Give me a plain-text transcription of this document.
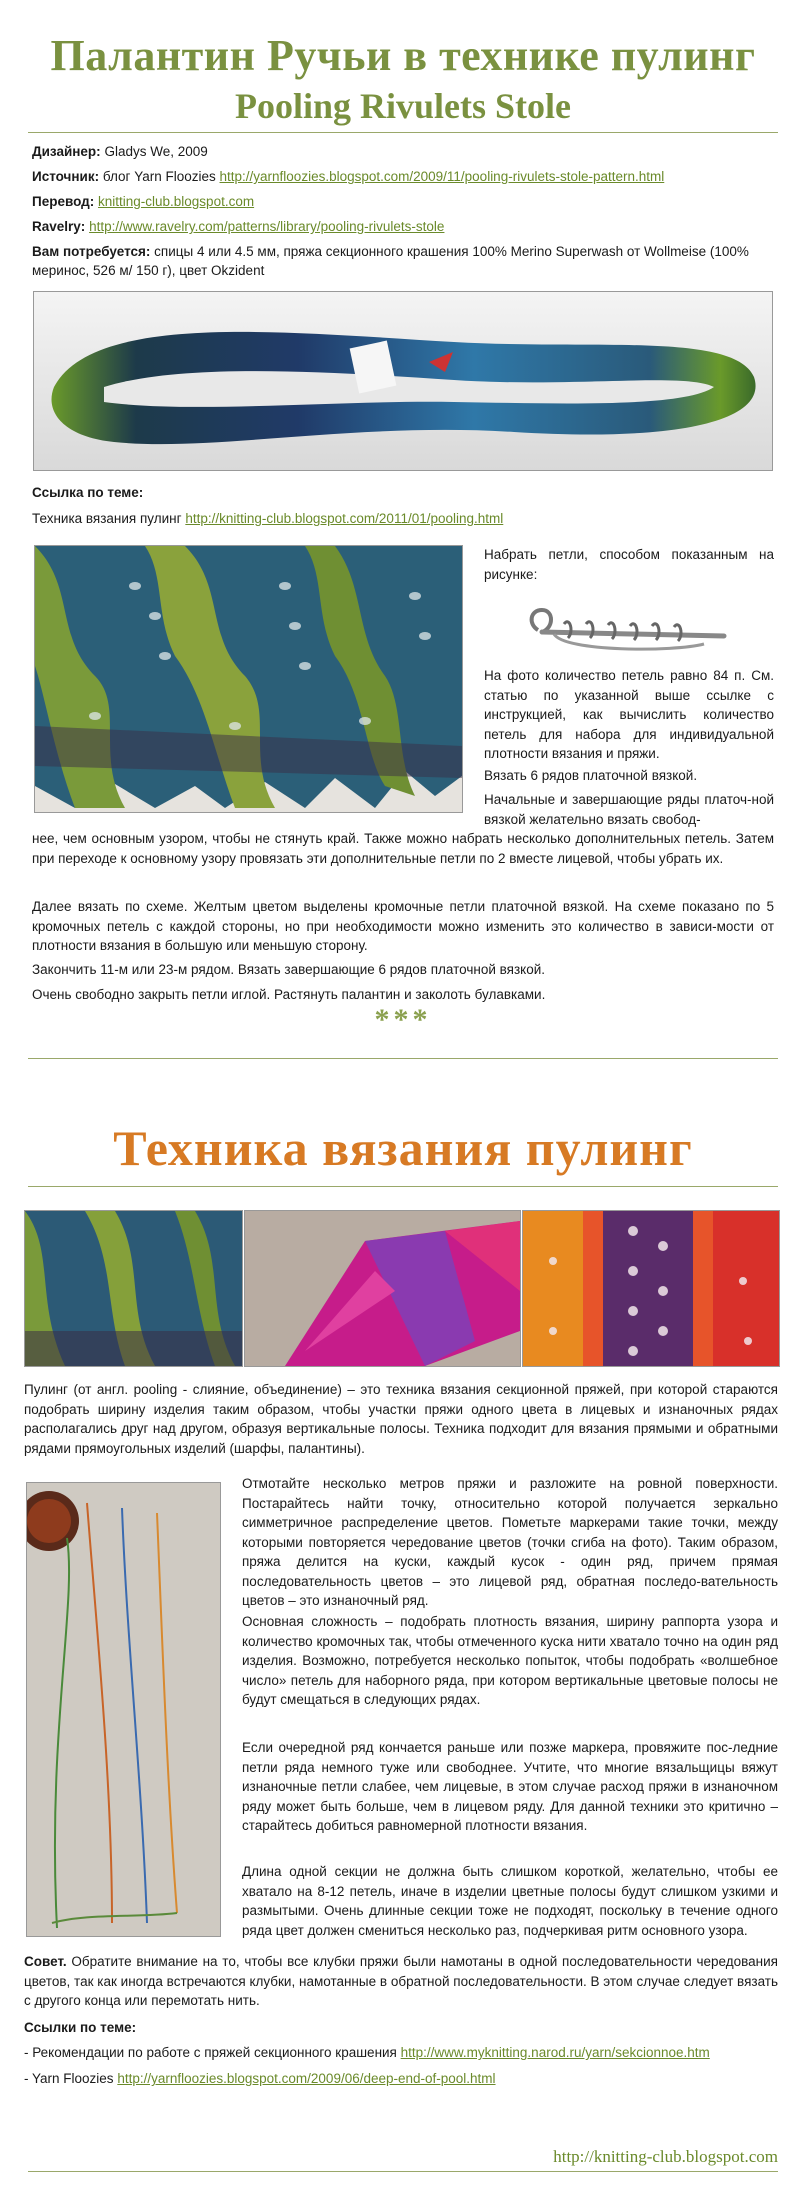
Палантин Ручьи в технике пулинг
Pooling Rivulets Stole
Дизайнер: Gladys We, 2009
Источник: блог Yarn Floozies http://yarnfloozies.blogspot.com/2009/11/pooling-rivulets-stole-pattern.html
Перевод: knitting-club.blogspot.com
Ravelry: http://www.ravelry.com/patterns/library/pooling-rivulets-stole
Вам потребуется: спицы 4 или 4.5 мм, пряжа секционного крашения 100% Merino Superwash от Wollmeise (100% меринос, 526 м/ 150 г), цвет Okzident
Ссылка по теме:
Техника вязания пулинг http://knitting-club.blogspot.com/2011/01/pooling.html
Набрать петли, способом показанным на рисунке:
На фото количество петель равно 84 п. См. статью по указанной выше ссылке с инструкцией, как вычислить количество петель для набора для индивидуальной плотности вязания и пряжи.
Вязать 6 рядов платочной вязкой.
Начальные и завершающие ряды платоч-ной вязкой желательно вязать свобод-
нее, чем основным узором, чтобы не стянуть край. Также можно набрать несколько дополнительных петель. Затем при переходе к основному узору провязать эти дополнительные петли по 2 вместе лицевой, чтобы убрать их.
Далее вязать по схеме. Желтым цветом выделены кромочные петли платочной вязкой. На схеме показано по 5 кромочных петель с каждой стороны, но при необходимости можно изменить это количество в зависи-мости от плотности вязания в большую или меньшую сторону.
Закончить 11-м или 23-м рядом. Вязать завершающие 6 рядов платочной вязкой.
Очень свободно закрыть петли иглой. Растянуть палантин и заколоть булавками.
***
Техника вязания пулинг
Пулинг (от англ. pooling - слияние, объединение) – это техника вязания секционной пряжей, при которой стараются подобрать ширину изделия таким образом, чтобы участки пряжи одного цвета в лицевых и изнаночных рядах располагались друг над другом, образуя вертикальные полосы. Техника подходит для вязания прямыми и обратными рядами прямоугольных изделий (шарфы, палантины).
Отмотайте несколько метров пряжи и разложите на ровной поверхности. Постарайтесь найти точку, относительно которой получается зеркально симметричное распределение цветов. Пометьте маркерами такие точки, между которыми повторяется чередование цветов (точки сгиба на фото). Таким образом, пряжа делится на куски, каждый кусок - один ряд, причем прямая последовательность цветов – это лицевой ряд, обратная последо-вательность цветов – это изнаночный ряд.
Основная сложность – подобрать плотность вязания, ширину раппорта узора и количество кромочных так, чтобы отмеченного куска нити хватало точно на один ряд изделия. Возможно, потребуется несколько попыток, чтобы подобрать «волшебное число» петель для наборного ряда, при котором вертикальные цветовые полосы не будут смещаться в следующих рядах.
Если очередной ряд кончается раньше или позже маркера, провяжите пос-ледние петли ряда немного туже или свободнее. Учтите, что многие вязальщицы вяжут изнаночные петли слабее, чем лицевые, в этом случае расход пряжи в изнаночном ряду может быть больше, чем в лицевом ряду. Для данной техники это критично – старайтесь добиться равномерной плотности вязания.
Длина одной секции не должна быть слишком короткой, желательно, чтобы ее хватало на 8-12 петель, иначе в изделии цветные полосы будут слишком узкими и размытыми. Очень длинные секции тоже не подходят, поскольку в течение одного ряда цвет должен смениться несколько раз, подчеркивая ритм основного узора.
Совет. Обратите внимание на то, чтобы все клубки пряжи были намотаны в одной последовательности чередования цветов, так как иногда встречаются клубки, намотанные в обратной последовательности. В этом случае следует вязать с другого конца или перемотать нить.
Ссылки по теме:
- Рекомендации по работе с пряжей секционного крашения http://www.myknitting.narod.ru/yarn/sekcionnoe.htm
- Yarn Floozies http://yarnfloozies.blogspot.com/2009/06/deep-end-of-pool.html
http://knitting-club.blogspot.com
